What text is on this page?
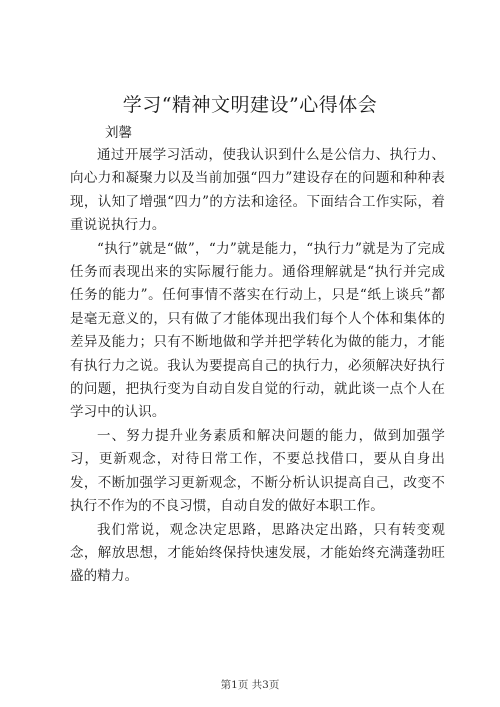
学习“精神文明建设”心得体会

刘馨

通过开展学习活动，使我认识到什么是公信力、执行力、向心力和凝聚力以及当前加强“四力”建设存在的问题和种种表现，认知了增强“四力”的方法和途径。下面结合工作实际，着重说说执行力。

“执行”就是“做”，“力”就是能力，“执行力”就是为了完成任务而表现出来的实际履行能力。通俗理解就是“执行并完成任务的能力”。任何事情不落实在行动上，只是“纸上谈兵”都是毫无意义的，只有做了才能体现出我们每个人个体和集体的差异及能力；只有不断地做和学并把学转化为做的能力，才能有执行力之说。我认为要提高自己的执行力，必须解决好执行的问题，把执行变为自动自发自觉的行动，就此谈一点个人在学习中的认识。

一、努力提升业务素质和解决问题的能力，做到加强学习，更新观念，对待日常工作，不要总找借口，要从自身出发，不断加强学习更新观念，不断分析认识提高自己，改变不执行不作为的不良习惯，自动自发的做好本职工作。

我们常说，观念决定思路，思路决定出路，只有转变观念，解放思想，才能始终保持快速发展，才能始终充满蓬勃旺盛的精力。

第1页 共3页
